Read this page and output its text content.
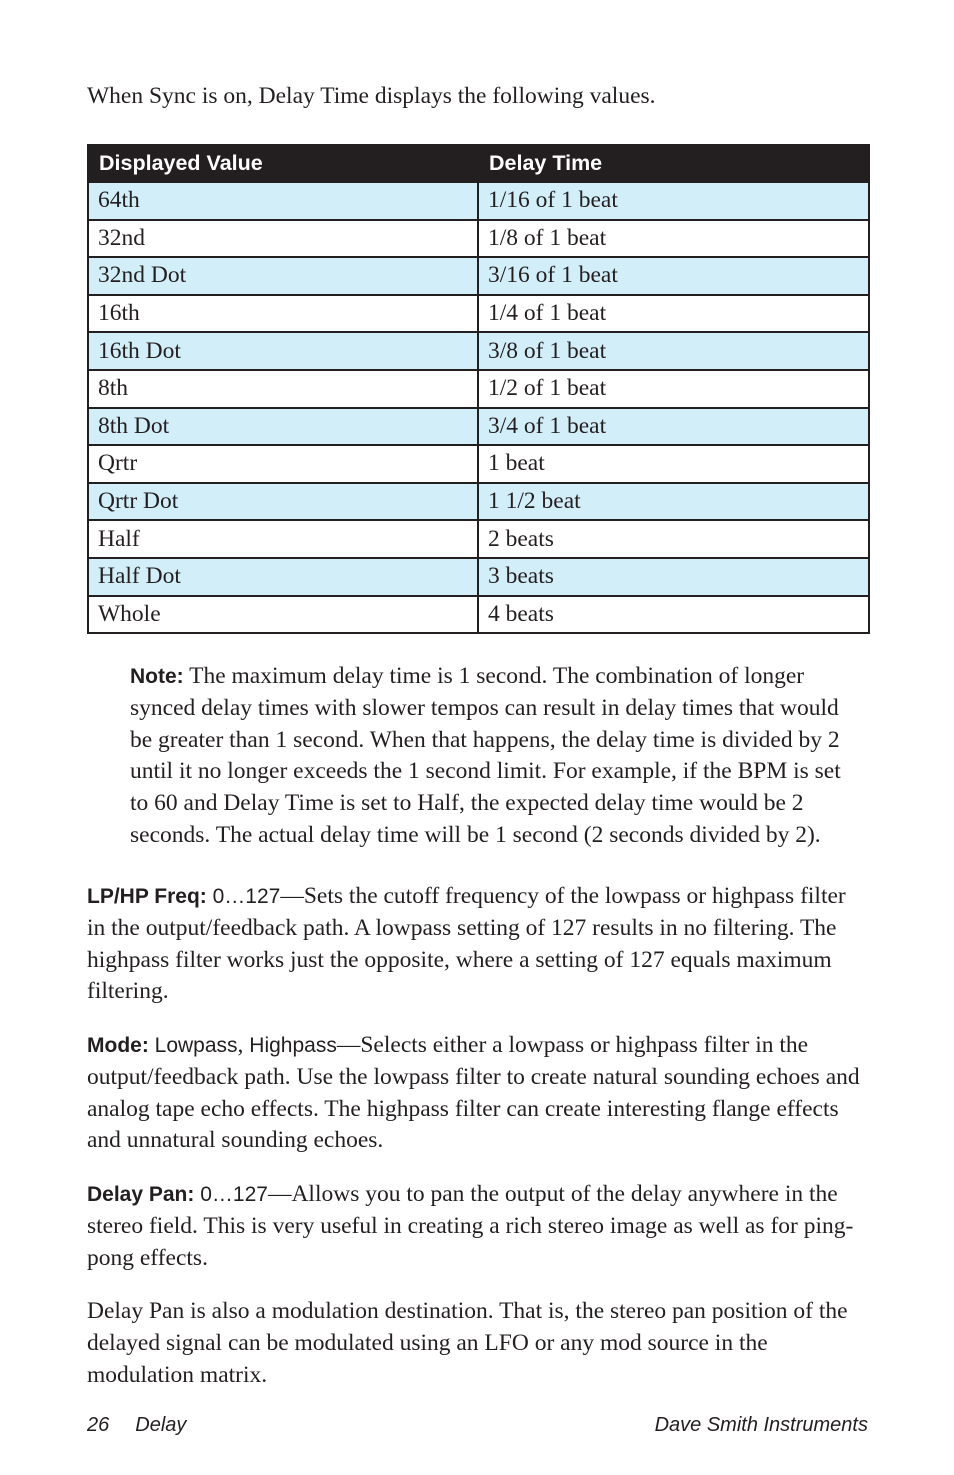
When Sync is on, Delay Time displays the following values.

Displayed Value	Delay Time
64th	1/16 of 1 beat
32nd	1/8 of 1 beat
32nd Dot	3/16 of 1 beat
16th	1/4 of 1 beat
16th Dot	3/8 of 1 beat
8th	1/2 of 1 beat
8th Dot	3/4 of 1 beat
Qrtr	1 beat
Qrtr Dot	1 1/2 beat
Half	2 beats
Half Dot	3 beats
Whole	4 beats

Note: The maximum delay time is 1 second. The combination of longer synced delay times with slower tempos can result in delay times that would be greater than 1 second. When that happens, the delay time is divided by 2 until it no longer exceeds the 1 second limit. For example, if the BPM is set to 60 and Delay Time is set to Half, the expected delay time would be 2 seconds. The actual delay time will be 1 second (2 seconds divided by 2).

LP/HP Freq: 0…127—Sets the cutoff frequency of the lowpass or highpass filter in the output/feedback path. A lowpass setting of 127 results in no filtering. The highpass filter works just the opposite, where a setting of 127 equals maximum filtering.

Mode: Lowpass, Highpass—Selects either a lowpass or highpass filter in the output/feedback path. Use the lowpass filter to create natural sounding echoes and analog tape echo effects. The highpass filter can create interesting flange effects and unnatural sounding echoes.

Delay Pan: 0…127—Allows you to pan the output of the delay anywhere in the stereo field. This is very useful in creating a rich stereo image as well as for ping-pong effects.

Delay Pan is also a modulation destination. That is, the stereo pan position of the delayed signal can be modulated using an LFO or any mod source in the modulation matrix.

26 Delay	Dave Smith Instruments
